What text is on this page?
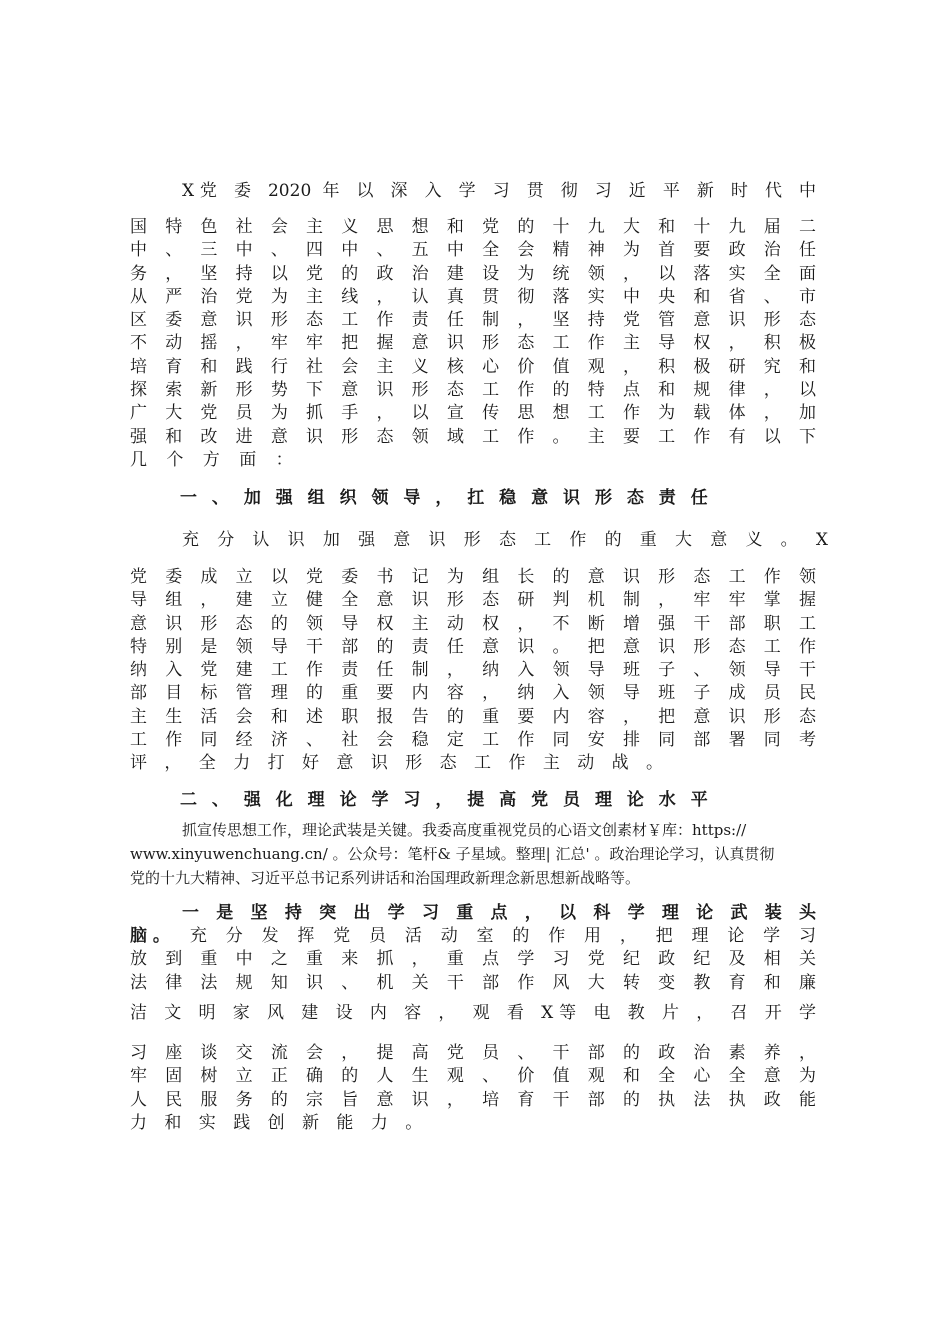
X党 委 2020 年 以 深 入 学 习 贯 彻 习 近 平 新 时 代 中
国 特 色 社 会 主 义 思 想 和 党 的 十 九 大 和 十 九 届 二
中 、 三 中 、 四 中 、 五 中 全 会 精 神 为 首 要 政 治 任
务 ， 坚 持 以 党 的 政 治 建 设 为 统 领 ， 以 落 实 全 面
从 严 治 党 为 主 线 ， 认 真 贯 彻 落 实 中 央 和 省 、 市
区 委 意 识 形 态 工 作 责 任 制 ， 坚 持 党 管 意 识 形 态
不 动 摇 ， 牢 牢 把 握 意 识 形 态 工 作 主 导 权 ， 积 极
培 育 和 践 行 社 会 主 义 核 心 价 值 观 ， 积 极 研 究 和
探 索 新 形 势 下 意 识 形 态 工 作 的 特 点 和 规 律 ， 以
广 大 党 员 为 抓 手 ， 以 宣 传 思 想 工 作 为 载 体 ， 加
强 和 改 进 意 识 形 态 领 域 工 作 。 主 要 工 作 有 以 下
几 个 方 面 ：
一 、 加 强 组 织 领 导 ， 扛 稳 意 识 形 态 责 任
充 分 认 识 加 强 意 识 形 态 工 作 的 重 大 意 义 。 X
党 委 成 立 以 党 委 书 记 为 组 长 的 意 识 形 态 工 作 领
导 组 ， 建 立 健 全 意 识 形 态 研 判 机 制 ， 牢 牢 掌 握
意 识 形 态 的 领 导 权 主 动 权 ， 不 断 增 强 干 部 职 工
特 别 是 领 导 干 部 的 责 任 意 识 。 把 意 识 形 态 工 作
纳 入 党 建 工 作 责 任 制 ， 纳 入 领 导 班 子 、 领 导 干
部 目 标 管 理 的 重 要 内 容 ， 纳 入 领 导 班 子 成 员 民
主 生 活 会 和 述 职 报 告 的 重 要 内 容 ， 把 意 识 形 态
工 作 同 经 济 、 社 会 稳 定 工 作 同 安 排 同 部 署 同 考
评 ， 全 力 打 好 意 识 形 态 工 作 主 动 战 。
二 、 强 化 理 论 学 习 ， 提 高 党 员 理 论 水 平
抓宣传思想工作，理论武装是关键。我委高度重视党员的心语文创素材￥库：https://
www.xinyuwenchuang.cn/ 。公众号：笔杆& 子星域。整理| 汇总' 。政治理论学习，认真贯彻
党的十九大精神、习近平总书记系列讲话和治国理政新理念新思想新战略等。
一 是 坚 持 突 出 学 习 重 点 ， 以 科 学 理 论 武 装 头
脑 。 充 分 发 挥 党 员 活 动 室 的 作 用 ， 把 理 论 学 习
放 到 重 中 之 重 来 抓 ， 重 点 学 习 党 纪 政 纪 及 相 关
法 律 法 规 知 识 、 机 关 干 部 作 风 大 转 变 教 育 和 廉
洁 文 明 家 风 建 设 内 容 ， 观 看 X等 电 教 片 ， 召 开 学
习 座 谈 交 流 会 ， 提 高 党 员 、 干 部 的 政 治 素 养 ，
牢 固 树 立 正 确 的 人 生 观 、 价 值 观 和 全 心 全 意 为
人 民 服 务 的 宗 旨 意 识 ， 培 育 干 部 的 执 法 执 政 能
力 和 实 践 创 新 能 力 。
